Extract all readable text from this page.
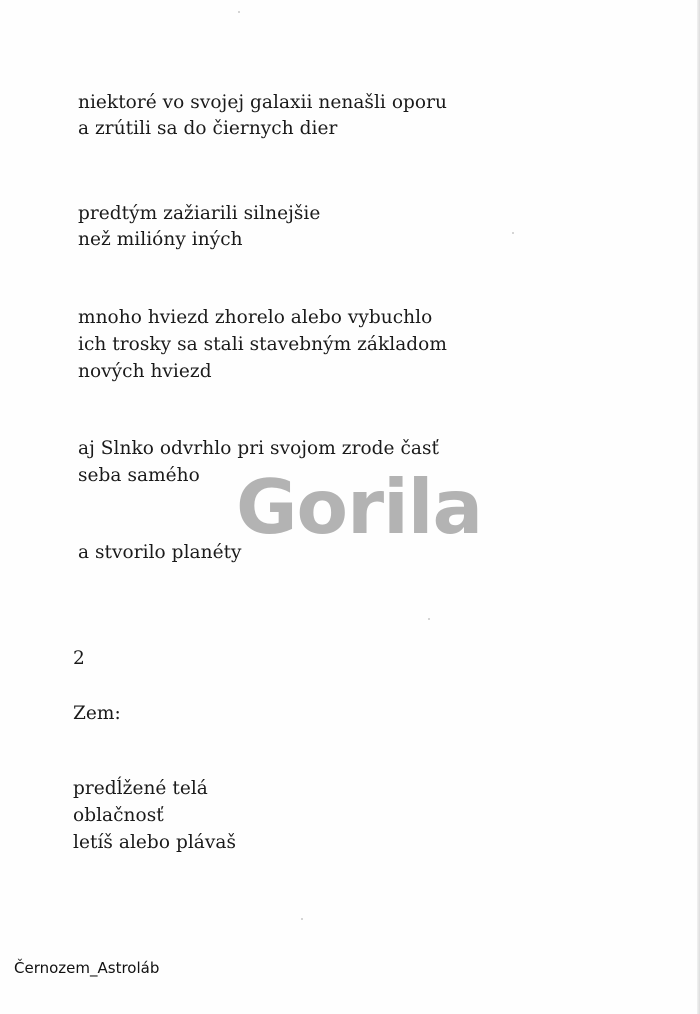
niektoré vo svojej galaxii nenašli oporu
a zrútili sa do čiernych dier
predtým zažiarili silnejšie
než milióny iných
mnoho hviezd zhorelo alebo vybuchlo
ich trosky sa stali stavebným základom
nových hviezd
aj Slnko odvrhlo pri svojom zrode časť
seba samého
a stvorilo planéty
2
Zem:
predĺžené telá
oblačnosť
letíš alebo plávaš
Gorila
Černozem_Astroláb
